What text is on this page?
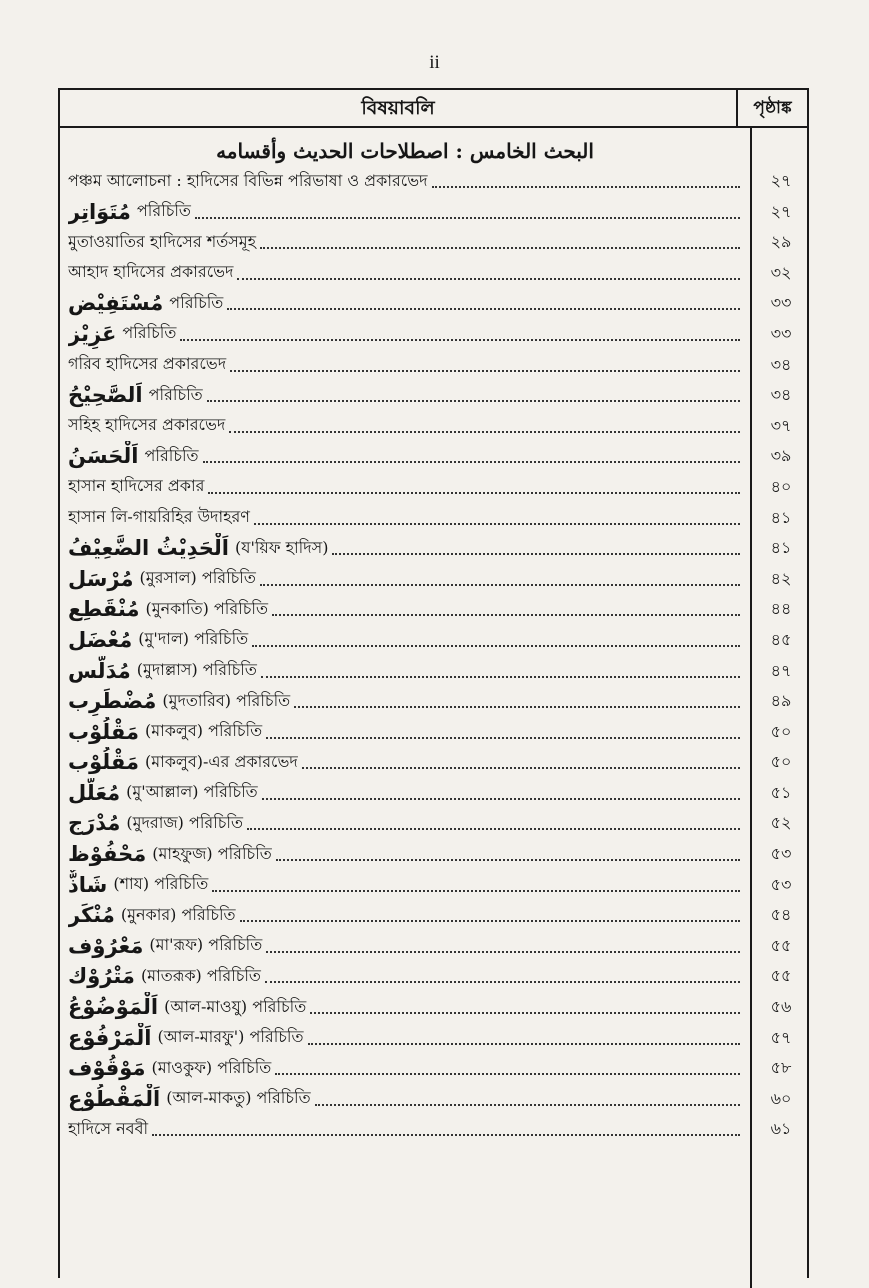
ii
বিষয়াবলি	পৃষ্ঠাঙ্ক
البحث الخامس : اصطلاحات الحديث وأقسامه
পঞ্চম আলোচনা : হাদিসের বিভিন্ন পরিভাষা ও প্রকারভেদ	২৭
مُتَوَاتِر পরিচিতি	২৭
মুতাওয়াতির হাদিসের শর্তসমূহ	২৯
আহাদ হাদিসের প্রকারভেদ	৩২
مُسْتَفِيْض পরিচিতি	৩৩
عَزِيْز পরিচিতি	৩৩
গরিব হাদিসের প্রকারভেদ	৩৪
اَلصَّحِيْحُ পরিচিতি	৩৪
সহিহ হাদিসের প্রকারভেদ	৩৭
اَلْحَسَنُ পরিচিতি	৩৯
হাসান হাদিসের প্রকার	৪০
হাসান লি-গায়রিহির উদাহরণ	৪১
اَلْحَدِيْثُ الضَّعِيْفُ (য'য়িফ হাদিস)	৪১
مُرْسَل (মুরসাল) পরিচিতি	৪২
مُنْقَطِع (মুনকাতি) পরিচিতি	৪৪
مُعْضَل (মু'দাল) পরিচিতি	৪৫
مُدَلَّس (মুদাল্লাস) পরিচিতি	৪৭
مُضْطَرِب (মুদতারিব) পরিচিতি	৪৯
مَقْلُوْب (মাকলুব) পরিচিতি	৫০
مَقْلُوْب (মাকলুব)-এর প্রকারভেদ	৫০
مُعَلَّل (মু'আল্লাল) পরিচিতি	৫১
مُدْرَج (মুদরাজ) পরিচিতি	৫২
مَحْفُوْظ (মাহফুজ) পরিচিতি	৫৩
شَاذٌّ (শায) পরিচিতি	৫৩
مُنْكَر (মুনকার) পরিচিতি	৫৪
مَعْرُوْف (মা'রূফ) পরিচিতি	৫৫
مَتْرُوْك (মাতরূক) পরিচিতি	৫৫
اَلْمَوْضُوْعُ (আল-মাওযু) পরিচিতি	৫৬
اَلْمَرْفُوْع (আল-মারফু') পরিচিতি	৫৭
مَوْقُوْف (মাওকুফ) পরিচিতি	৫৮
اَلْمَقْطُوْع (আল-মাকতু) পরিচিতি	৬০
হাদিসে নববী	৬১
